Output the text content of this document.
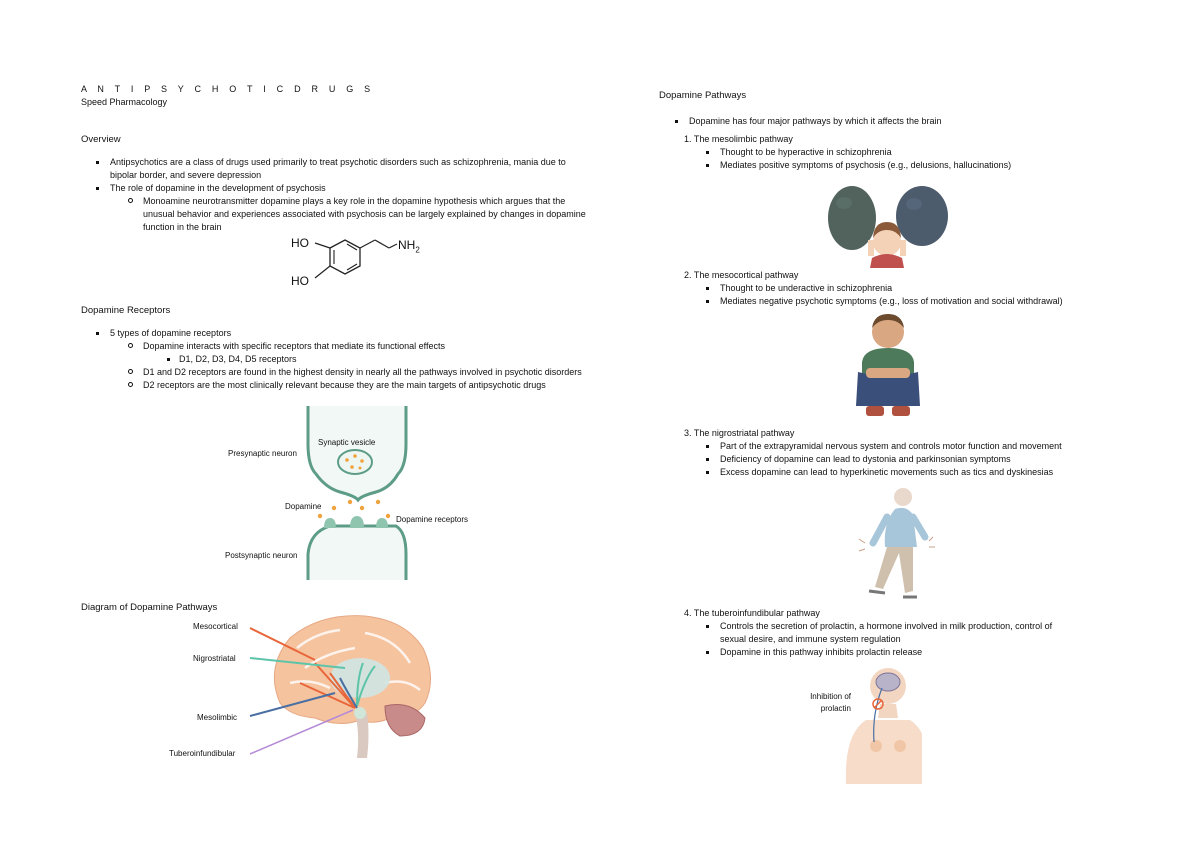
A N T I P S Y C H O T I C D R U G S
Speed Pharmacology
Overview
Antipsychotics are a class of drugs used primarily to treat psychotic disorders such as schizophrenia, mania due to
bipolar border, and severe depression
The role of dopamine in the development of psychosis
Monoamine neurotransmitter dopamine plays a key role in the dopamine hypothesis which argues that the
unusual behavior and experiences associated with psychosis can be largely explained by changes in dopamine
function in the brain
HO
HO
$NH_2$
Dopamine Receptors
5 types of dopamine receptors
Dopamine interacts with specific receptors that mediate its functional effects
D1, D2, D3, D4, D5 receptors
D1 and D2 receptors are found in the highest density in nearly all the pathways involved in psychotic disorders
D2 receptors are the most clinically relevant because they are the main targets of antipsychotic drugs
Synaptic vesicle
Presynaptic neuron
Dopamine
Dopamine receptors
Postsynaptic neuron
Diagram of Dopamine Pathways
Mesocortical
Nigrostriatal
Mesolimbic
Tuberoinfundibular
Dopamine Pathways
Dopamine has four major pathways by which it affects the brain
1. The mesolimbic pathway
Thought to be hyperactive in schizophrenia
Mediates positive symptoms of psychosis (e.g., delusions, hallucinations)
2. The mesocortical pathway
Thought to be underactive in schizophrenia
Mediates negative psychotic symptoms (e.g., loss of motivation and social withdrawal)
3. The nigrostriatal pathway
Part of the extrapyramidal nervous system and controls motor function and movement
Deficiency of dopamine can lead to dystonia and parkinsonian symptoms
Excess dopamine can lead to hyperkinetic movements such as tics and dyskinesias
4. The tuberoinfundibular pathway
Controls the secretion of prolactin, a hormone involved in milk production, control of
sexual desire, and immune system regulation
Dopamine in this pathway inhibits prolactin release
Inhibition of
prolactin
